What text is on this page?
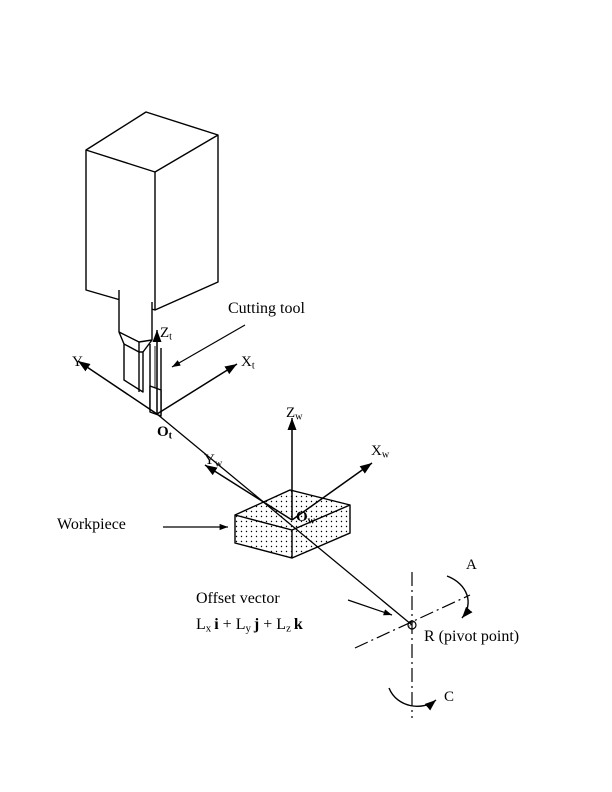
Cutting tool
$Z_t$
$X_t$
$Y_t$
$O_t$
$Z_w$
$X_w$
$Y_w$
$O_w$
Workpiece
Offset vector
$L_x$ $i + L_y$ $j + L_z$ k
R (pivot point)
A
C
